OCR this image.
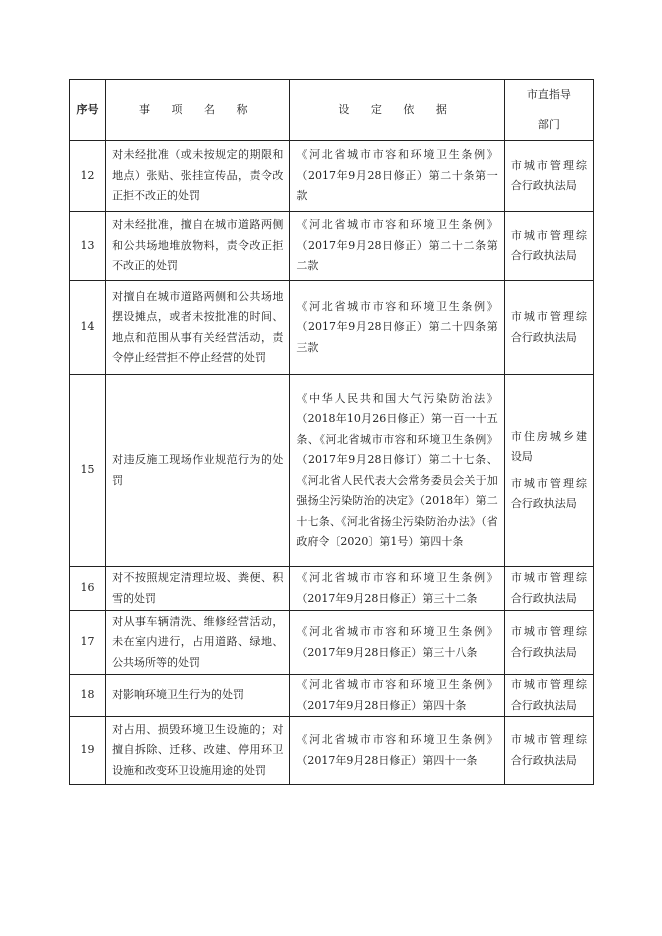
序号	事 项 名 称	设 定 依 据	市直指导
部门

12	对未经批准（或未按规定的期限和地点）张贴、张挂宣传品，责令改正拒不改正的处罚	《河北省城市市容和环境卫生条例》（2017年9月28日修正）第二十条第一款	市城市管理综合行政执法局

13	对未经批准，擅自在城市道路两侧和公共场地堆放物料，责令改正拒不改正的处罚	《河北省城市市容和环境卫生条例》（2017年9月28日修正）第二十二条第二款	市城市管理综合行政执法局

14	对擅自在城市道路两侧和公共场地摆设摊点，或者未按批准的时间、地点和范围从事有关经营活动，责令停止经营拒不停止经营的处罚	《河北省城市市容和环境卫生条例》（2017年9月28日修正）第二十四条第三款	市城市管理综合行政执法局

15	对违反施工现场作业规范行为的处罚	《中华人民共和国大气污染防治法》（2018年10月26日修正）第一百一十五条、《河北省城市市容和环境卫生条例》（2017年9月28日修订）第二十七条、《河北省人民代表大会常务委员会关于加强扬尘污染防治的决定》（2018年）第二十七条、《河北省扬尘污染防治办法》（省政府令〔2020〕第1号）第四十条	市住房城乡建设局
市城市管理综合行政执法局

16	对不按照规定清理垃圾、粪便、积雪的处罚	《河北省城市市容和环境卫生条例》（2017年9月28日修正）第三十二条	市城市管理综合行政执法局

17	对从事车辆清洗、维修经营活动，未在室内进行，占用道路、绿地、公共场所等的处罚	《河北省城市市容和环境卫生条例》（2017年9月28日修正）第三十八条	市城市管理综合行政执法局

18	对影响环境卫生行为的处罚	《河北省城市市容和环境卫生条例》（2017年9月28日修正）第四十条	市城市管理综合行政执法局

19	对占用、损毁环境卫生设施的；对擅自拆除、迁移、改建、停用环卫设施和改变环卫设施用途的处罚	《河北省城市市容和环境卫生条例》（2017年9月28日修正）第四十一条	市城市管理综合行政执法局
